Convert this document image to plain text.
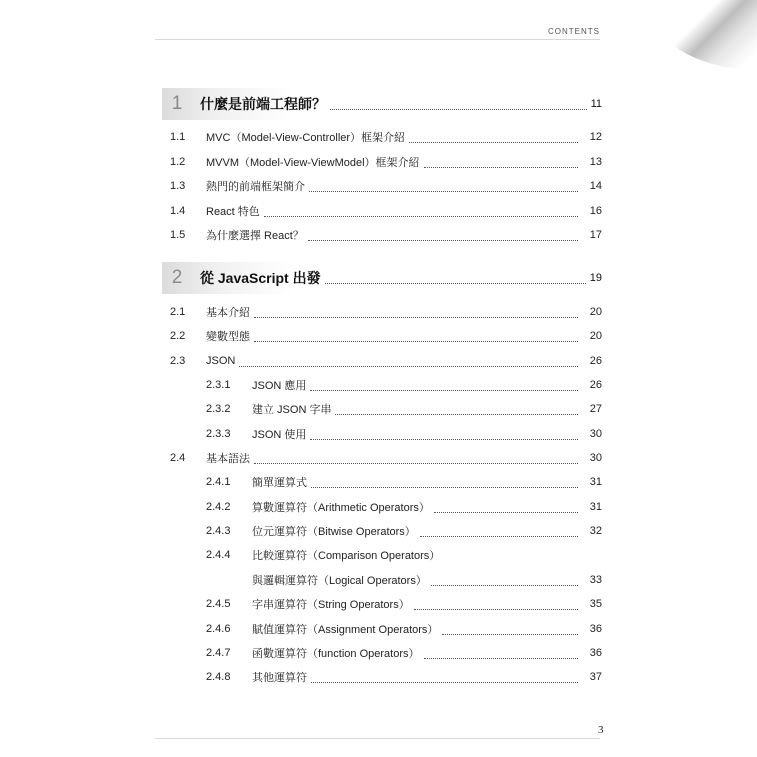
CONTENTS
1	什麼是前端工程師？	11
1.1	MVC（Model-View-Controller）框架介紹	12
1.2	MVVM（Model-View-ViewModel）框架介紹	13
1.3	熱門的前端框架簡介	14
1.4	React 特色	16
1.5	為什麼選擇 React？	17
2	從 JavaScript 出發	19
2.1	基本介紹	20
2.2	變數型態	20
2.3	JSON	26
2.3.1	JSON 應用	26
2.3.2	建立 JSON 字串	27
2.3.3	JSON 使用	30
2.4	基本語法	30
2.4.1	簡單運算式	31
2.4.2	算數運算符（Arithmetic Operators）	31
2.4.3	位元運算符（Bitwise Operators）	32
2.4.4	比較運算符（Comparison Operators）
與邏輯運算符（Logical Operators）	33
2.4.5	字串運算符（String Operators）	35
2.4.6	賦值運算符（Assignment Operators）	36
2.4.7	函數運算符（function Operators）	36
2.4.8	其他運算符	37
3
